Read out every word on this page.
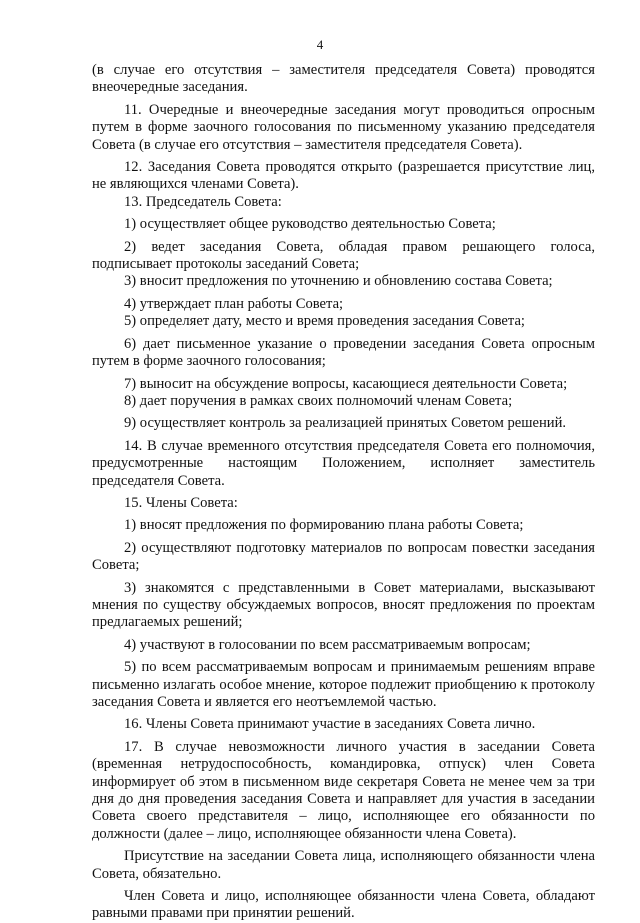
4

(в случае его отсутствия – заместителя председателя Совета) проводятся внеочередные заседания.

11. Очередные и внеочередные заседания могут проводиться опросным путем в форме заочного голосования по письменному указанию председателя Совета (в случае его отсутствия – заместителя председателя Совета).

12. Заседания Совета проводятся открыто (разрешается присутствие лиц, не являющихся членами Совета).

13. Председатель Совета:

1) осуществляет общее руководство деятельностью Совета;

2) ведет заседания Совета, обладая правом решающего голоса, подписывает протоколы заседаний Совета;

3) вносит предложения по уточнению и обновлению состава Совета;

4) утверждает план работы Совета;

5) определяет дату, место и время проведения заседания Совета;

6) дает письменное указание о проведении заседания Совета опросным путем в форме заочного голосования;

7) выносит на обсуждение вопросы, касающиеся деятельности Совета;

8) дает поручения в рамках своих полномочий членам Совета;

9) осуществляет контроль за реализацией принятых Советом решений.

14. В случае временного отсутствия председателя Совета его полномочия, предусмотренные настоящим Положением, исполняет заместитель председателя Совета.

15. Члены Совета:

1) вносят предложения по формированию плана работы Совета;

2) осуществляют подготовку материалов по вопросам повестки заседания Совета;

3) знакомятся с представленными в Совет материалами, высказывают мнения по существу обсуждаемых вопросов, вносят предложения по проектам предлагаемых решений;

4) участвуют в голосовании по всем рассматриваемым вопросам;

5) по всем рассматриваемым вопросам и принимаемым решениям вправе письменно излагать особое мнение, которое подлежит приобщению к протоколу заседания Совета и является его неотъемлемой частью.

16. Члены Совета принимают участие в заседаниях Совета лично.

17. В случае невозможности личного участия в заседании Совета (временная нетрудоспособность, командировка, отпуск) член Совета информирует об этом в письменном виде секретаря Совета не менее чем за три дня до дня проведения заседания Совета и направляет для участия в заседании Совета своего представителя – лицо, исполняющее его обязанности по должности (далее – лицо, исполняющее обязанности члена Совета).

Присутствие на заседании Совета лица, исполняющего обязанности члена Совета, обязательно.

Член Совета и лицо, исполняющее обязанности члена Совета, обладают равными правами при принятии решений.
